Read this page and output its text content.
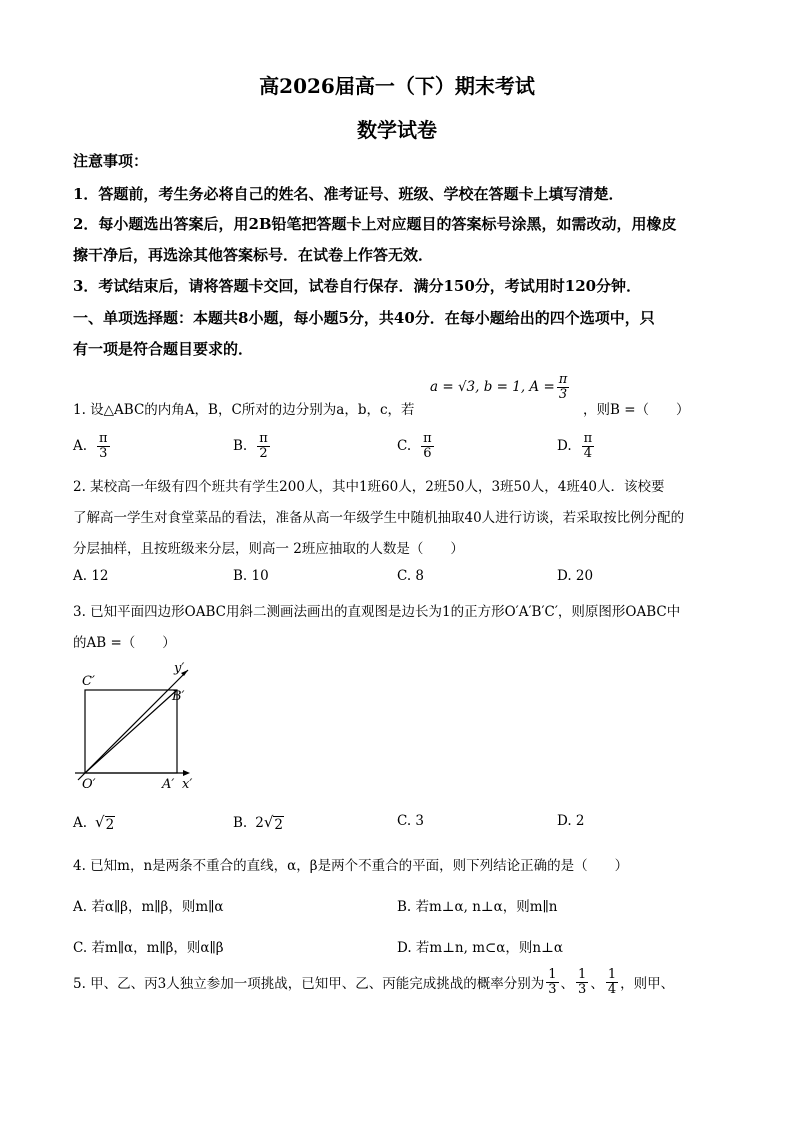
高2026届高一（下）期末考试
数学试卷
注意事项：
1．答题前，考生务必将自己的姓名、准考证号、班级、学校在答题卡上填写清楚．
2．每小题选出答案后，用2B铅笔把答题卡上对应题目的答案标号涂黑，如需改动，用橡皮
擦干净后，再选涂其他答案标号．在试卷上作答无效．
3．考试结束后，请将答题卡交回，试卷自行保存．满分150分，考试用时120分钟．
一、单项选择题：本题共8小题，每小题5分，共40分．在每小题给出的四个选项中，只
有一项是符合题目要求的．
1. 设△ABC的内角A，B，C所对的边分别为a，b，c，若
a = √3, b = 1, $A = \frac{\pi}{3}$
，则B =（　　）
A. $\frac{\pi}{3}$	B. $\frac{\pi}{2}$	C. $\frac{\pi}{6}$	D. $\frac{\pi}{4}$
2. 某校高一年级有四个班共有学生200人，其中1班60人，2班50人，3班50人，4班40人．该校要
了解高一学生对食堂菜品的看法，准备从高一年级学生中随机抽取40人进行访谈，若采取按比例分配的
分层抽样，且按班级来分层，则高一 2班应抽取的人数是（　　）
A. 12	B. 10	C. 8	D. 20
3. 已知平面四边形OABC用斜二测画法画出的直观图是边长为1的正方形O′A′B′C′，则原图形OABC中
的AB =（　　）
C′
B′
y′
O′	A′ x′
A. √ 2	B. 2 √ 2	C. 3	D. 2
4. 已知m，n是两条不重合的直线，α，β是两个不重合的平面，则下列结论正确的是（　　）
A. 若α∥β，m∥β，则m∥α	B. 若m⊥α, n⊥α，则m∥n
C. 若m∥α，m∥β，则α∥β	D. 若m⊥n, m⊂α，则n⊥α
5. 甲、乙、丙3人独立参加一项挑战，已知甲、乙、丙能完成挑战的概率分别为 $\frac{1}{3}$ 、 $\frac{1}{3}$ 、 $\frac{1}{4}$ ，则甲、
